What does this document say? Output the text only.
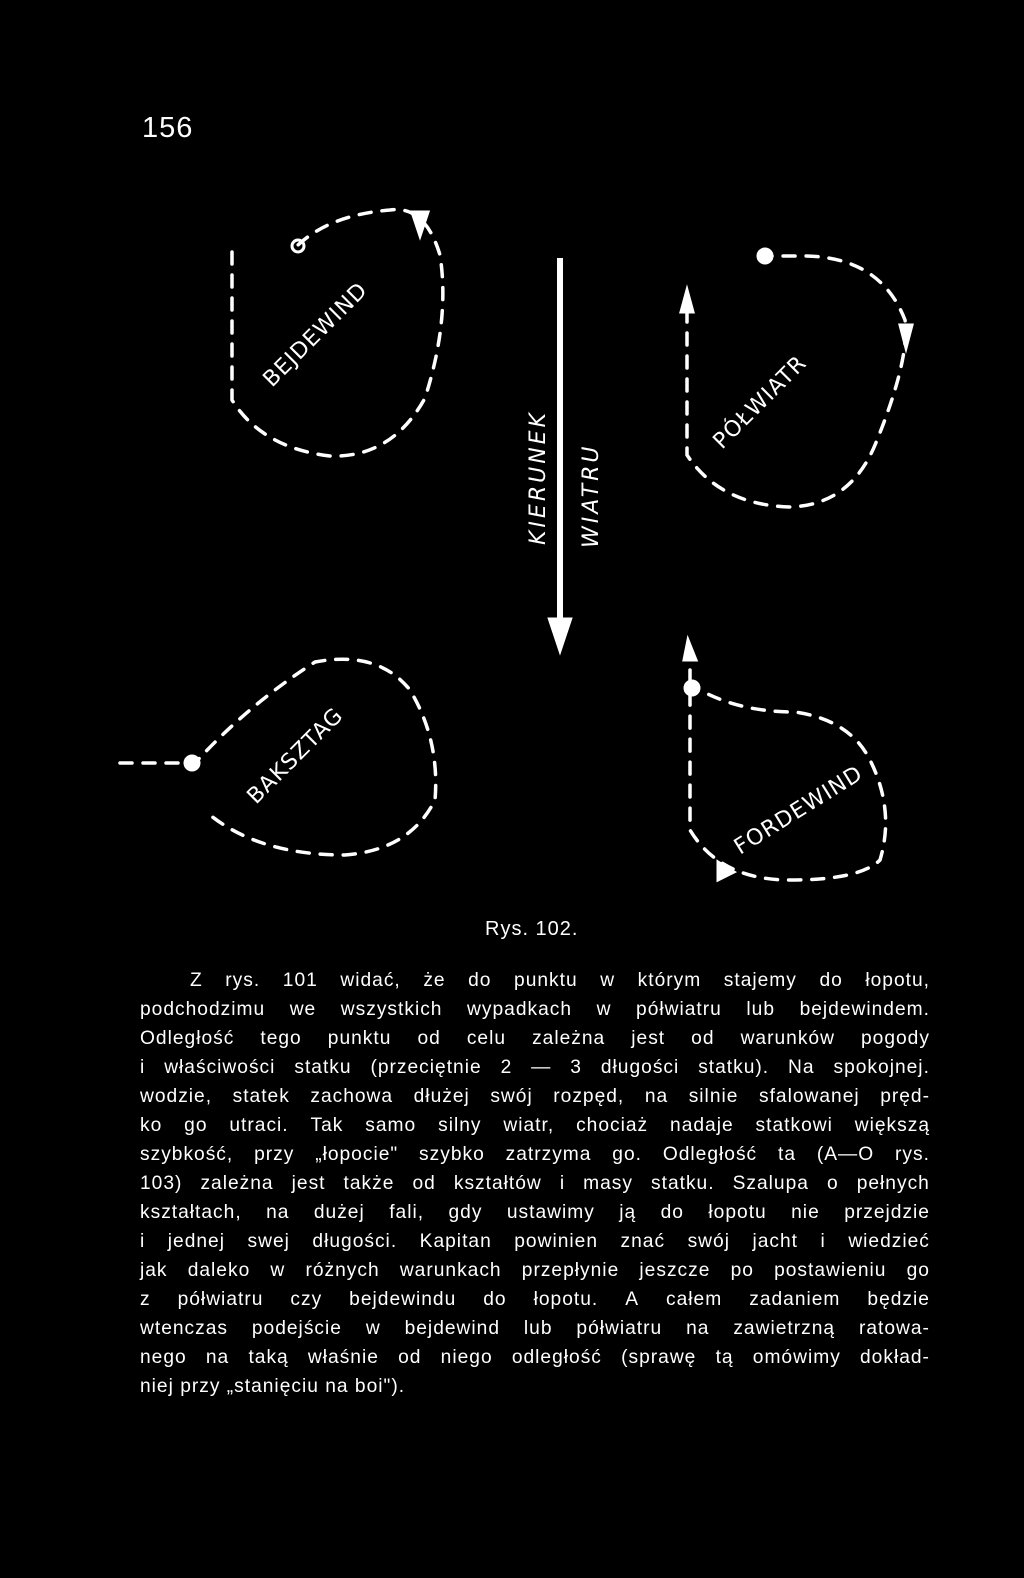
156
KIERUNEK WIATRU
BEJDEWIND
PÓŁWIATR
BAKSZTAG
FORDEWIND
Rys. 102.
Z rys. 101 widać, że do punktu w którym stajemy do łopotu,
podchodzimu we wszystkich wypadkach w półwiatru lub bejdewindem.
Odległość tego punktu od celu zależna jest od warunków pogody
i właściwości statku (przeciętnie 2 — 3 długości statku). Na spokojnej.
wodzie, statek zachowa dłużej swój rozpęd, na silnie sfalowanej pręd-
ko go utraci. Tak samo silny wiatr, chociaż nadaje statkowi większą
szybkość, przy „łopocie" szybko zatrzyma go. Odległość ta (A—O rys.
103) zależna jest także od kształtów i masy statku. Szalupa o pełnych
kształtach, na dużej fali, gdy ustawimy ją do łopotu nie przejdzie
i jednej swej długości. Kapitan powinien znać swój jacht i wiedzieć
jak daleko w różnych warunkach przepłynie jeszcze po postawieniu go
z półwiatru czy bejdewindu do łopotu. A całem zadaniem będzie
wtenczas podejście w bejdewind lub półwiatru na zawietrzną ratowa-
nego na taką właśnie od niego odległość (sprawę tą omówimy dokład-
niej przy „stanięciu na boi").
